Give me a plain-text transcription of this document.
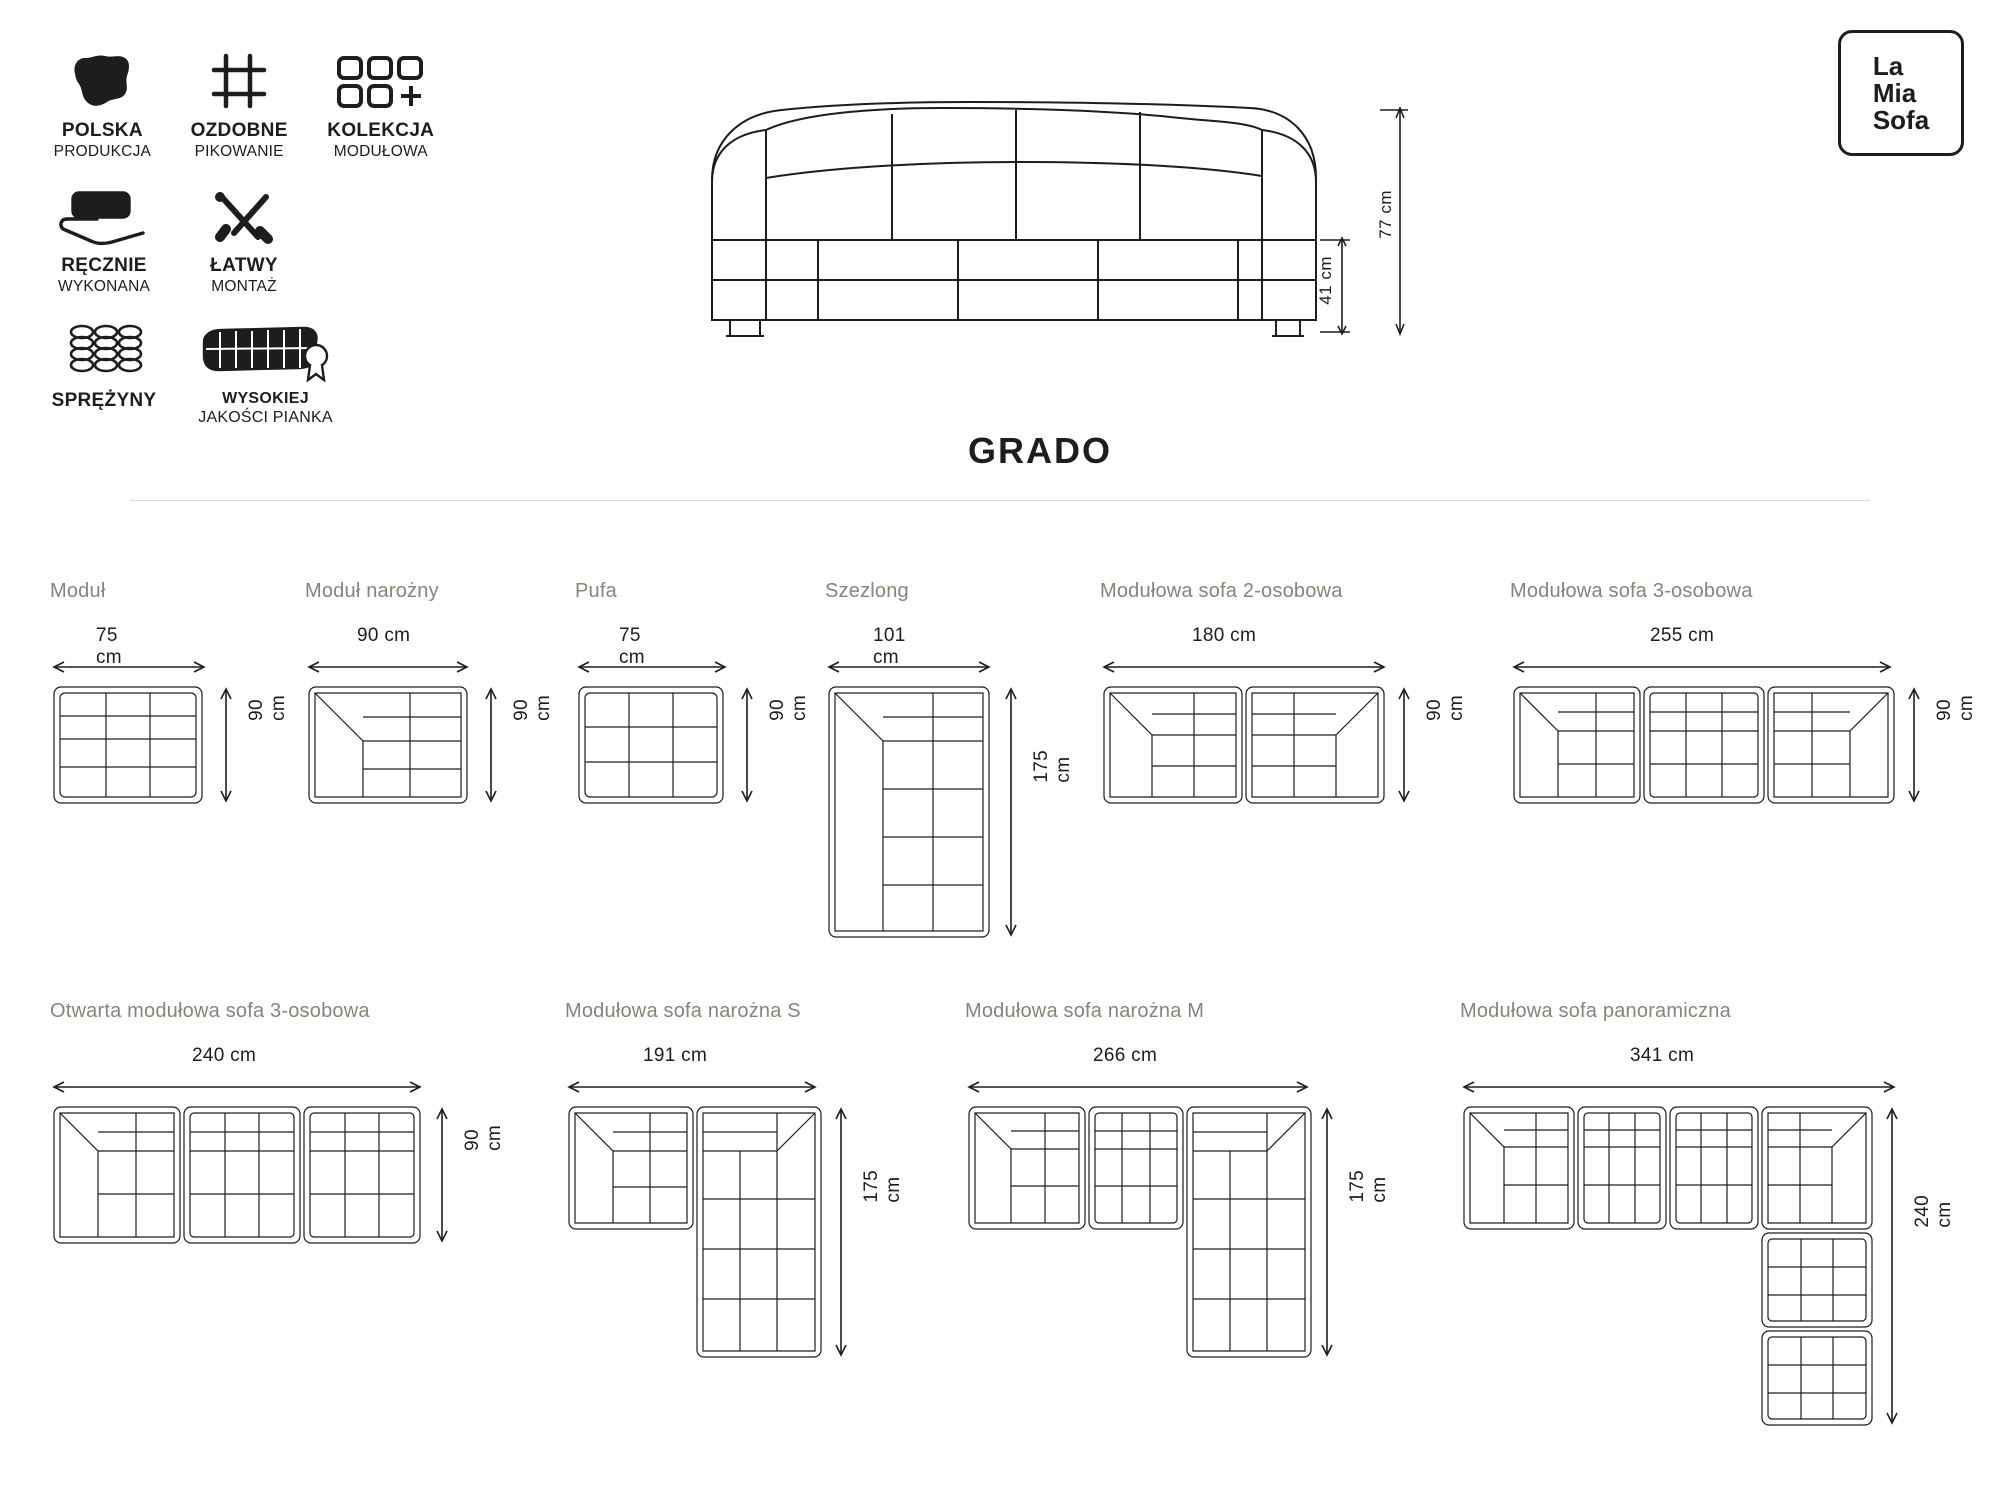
POLSKA
PRODUKCJA
OZDOBNE
PIKOWANIE
KOLEKCJA
MODUŁOWA
RĘCZNIE
WYKONANA
ŁATWY
MONTAŻ
SPRĘŻYNY	WYSOKIEJ
JAKOŚCI PIANKA
La
Mia
Sofa
41 cm
77 cm
GRADO
Moduł
75 cm
90 cm
Moduł narożny
90 cm
90 cm
Pufa
75 cm
90 cm
Szezlong
101 cm
175 cm
Modułowa sofa 2-osobowa
180 cm
90 cm
Modułowa sofa 3-osobowa
255 cm
90 cm
Otwarta modułowa sofa 3-osobowa
240 cm
90 cm
Modułowa sofa narożna S
191 cm
175 cm
Modułowa sofa narożna M
266 cm
175 cm
Modułowa sofa panoramiczna
341 cm
240 cm
